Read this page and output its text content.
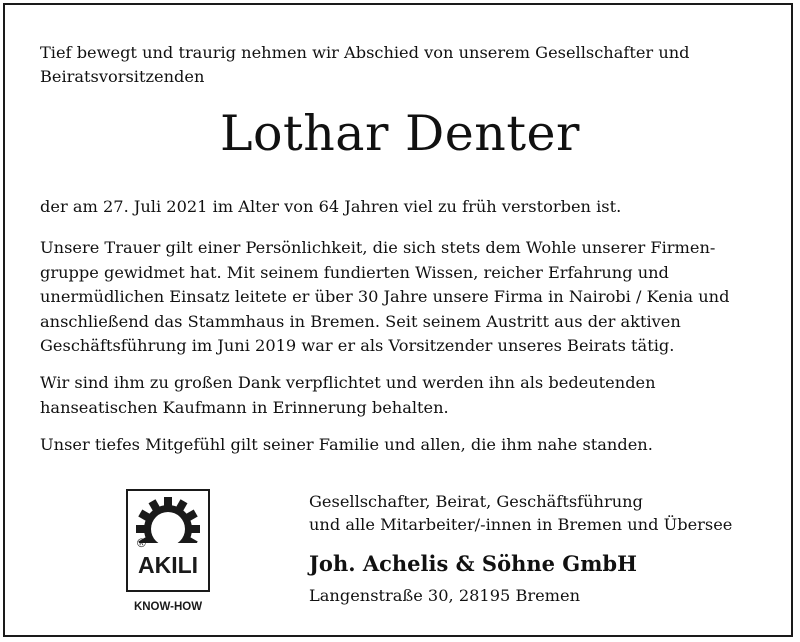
Tief bewegt und traurig nehmen wir Abschied von unserem Gesellschafter und

Beiratsvorsitzenden

Lothar Denter

der am 27. Juli 2021 im Alter von 64 Jahren viel zu früh verstorben ist.

Unsere Trauer gilt einer Persönlichkeit, die sich stets dem Wohle unserer Firmen-

gruppe gewidmet hat. Mit seinem fundierten Wissen, reicher Erfahrung und

unermüdlichen Einsatz leitete er über 30 Jahre unsere Firma in Nairobi / Kenia und

anschließend das Stammhaus in Bremen. Seit seinem Austritt aus der aktiven

Geschäftsführung im Juni 2019 war er als Vorsitzender unseres Beirats tätig.

Wir sind ihm zu großen Dank verpflichtet und werden ihn als bedeutenden

hanseatischen Kaufmann in Erinnerung behalten.

Unser tiefes Mitgefühl gilt seiner Familie und allen, die ihm nahe standen.

®
AKILI
KNOW-HOW

Gesellschafter, Beirat, Geschäftsführung

und alle Mitarbeiter/-innen in Bremen und Übersee

Joh. Achelis & Söhne GmbH

Langenstraße 30, 28195 Bremen
